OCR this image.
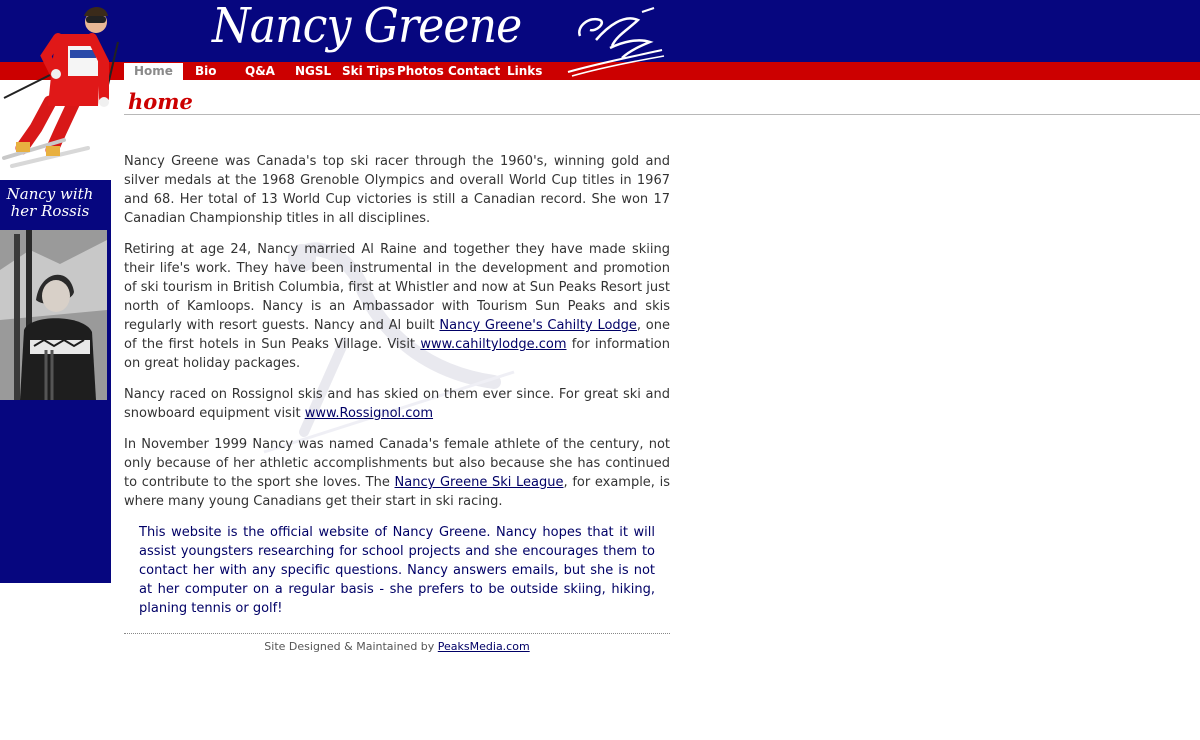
Nancy Greene
Home	Bio Q&A NGSL Ski Tips Photos Contact Links
home
Nancy with
her Rossis

Nancy Greene was Canada's top ski racer through the 1960's, winning gold and silver medals at the 1968 Grenoble Olympics and overall World Cup titles in 1967 and 68. Her total of 13 World Cup victories is still a Canadian record. She won 17 Canadian Championship titles in all disciplines.

Retiring at age 24, Nancy married Al Raine and together they have made skiing their life's work. They have been instrumental in the development and promotion of ski tourism in British Columbia, first at Whistler and now at Sun Peaks Resort just north of Kamloops. Nancy is an Ambassador with Tourism Sun Peaks and skis regularly with resort guests. Nancy and Al built Nancy Greene's Cahilty Lodge, one of the first hotels in Sun Peaks Village. Visit www.cahiltylodge.com for information on great holiday packages.

Nancy raced on Rossignol skis and has skied on them ever since. For great ski and snowboard equipment visit www.Rossignol.com

In November 1999 Nancy was named Canada's female athlete of the century, not only because of her athletic accomplishments but also because she has continued to contribute to the sport she loves. The Nancy Greene Ski League, for example, is where many young Canadians get their start in ski racing.

This website is the official website of Nancy Greene. Nancy hopes that it will assist youngsters researching for school projects and she encourages them to contact her with any specific questions. Nancy answers emails, but she is not at her computer on a regular basis - she prefers to be outside skiing, hiking, planing tennis or golf!
Site Designed & Maintained by PeaksMedia.com
